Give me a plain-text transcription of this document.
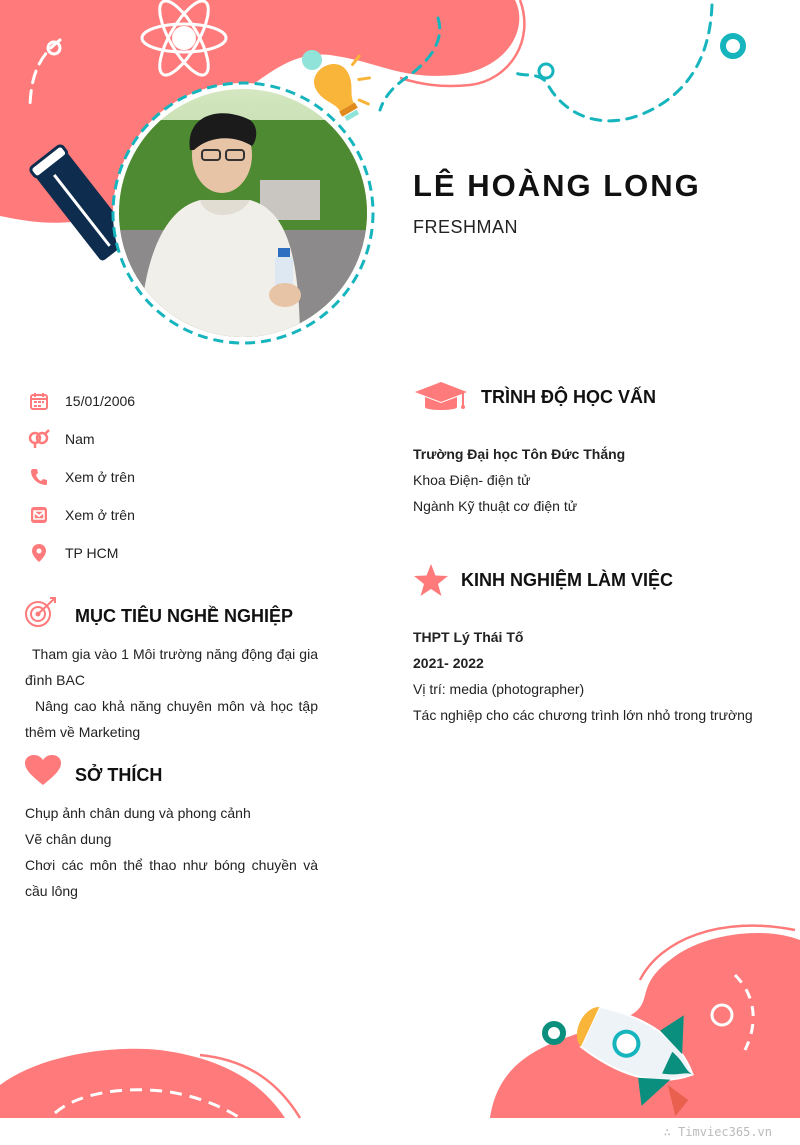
LÊ HOÀNG LONG
FRESHMAN
15/01/2006
Nam
Xem ở trên
Xem ở trên
TP HCM
MỤC TIÊU NGHỀ NGHIỆP
Tham gia vào 1 Môi trường năng động đại gia đình BAC
Nâng cao khả năng chuyên môn và học tập thêm về Marketing
SỞ THÍCH
Chụp ảnh chân dung và phong cảnh
Vẽ chân dung
Chơi các môn thể thao như bóng chuyền và cầu lông
TRÌNH ĐỘ HỌC VẤN
Trường Đại học Tôn Đức Thắng
Khoa Điện- điện tử
Ngành Kỹ thuật cơ điện tử
KINH NGHIỆM LÀM VIỆC
THPT Lý Thái Tố
2021- 2022
Vị trí: media (photographer)
Tác nghiệp cho các chương trình lớn nhỏ trong trường
∴ Timviec365.vn
